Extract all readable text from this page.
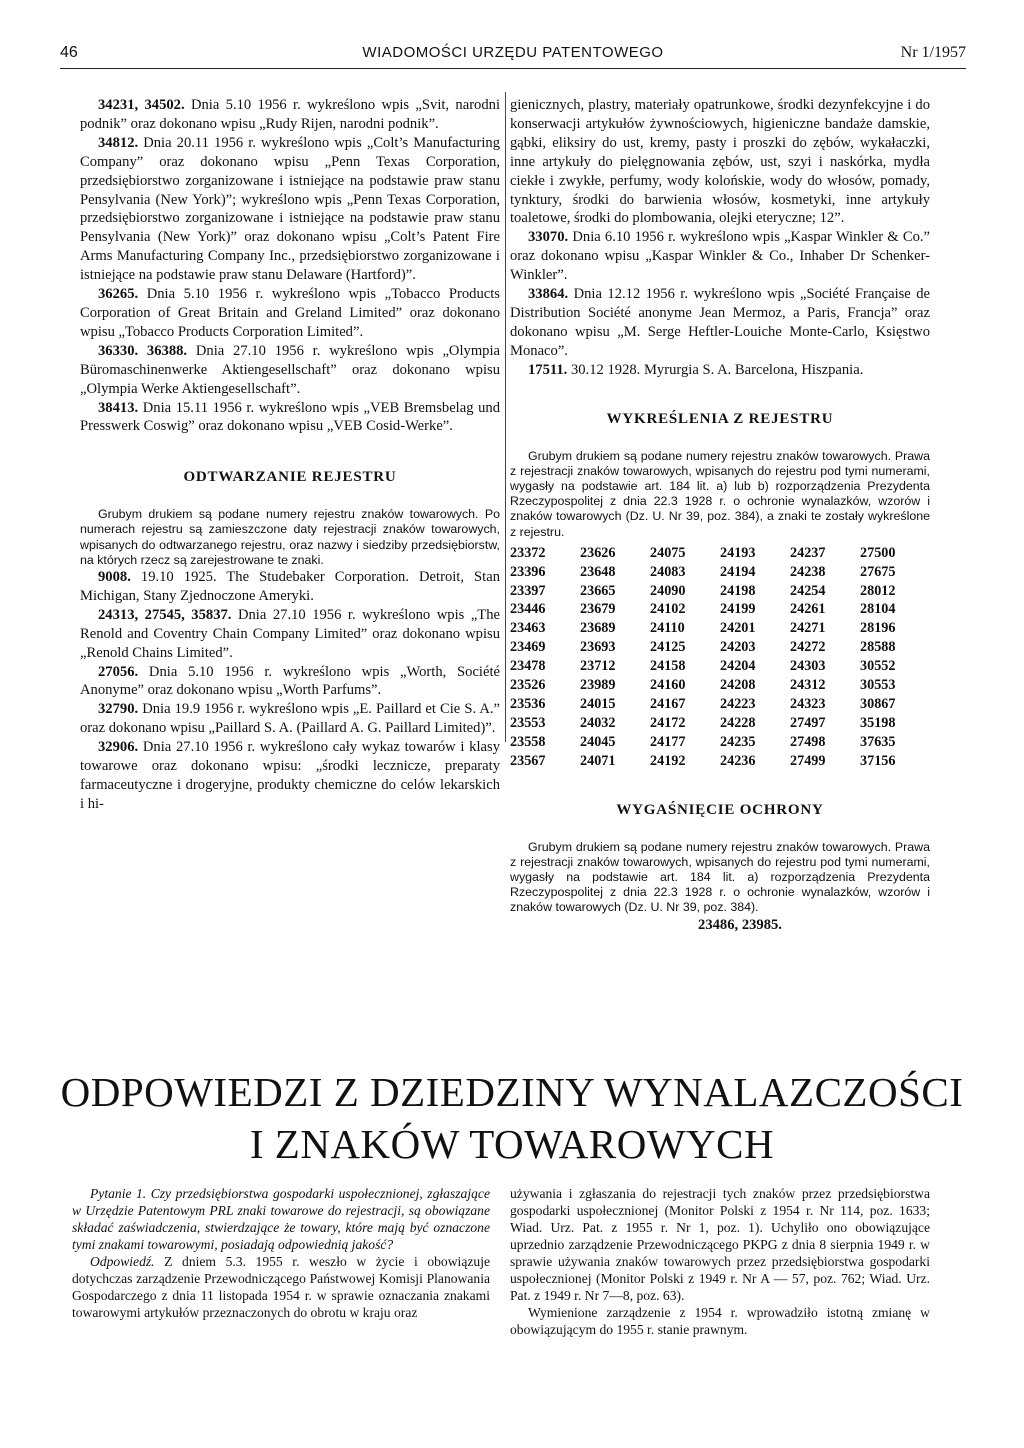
46	WIADOMOŚCI URZĘDU PATENTOWEGO	Nr 1/1957

34231, 34502. Dnia 5.10 1956 r. wykreślono wpis „Svit, narodni podnik” oraz dokonano wpisu „Rudy Rijen, narodni podnik”.

34812. Dnia 20.11 1956 r. wykreślono wpis „Colt’s Manufacturing Company” oraz dokonano wpisu „Penn Texas Corporation, przedsiębiorstwo zorganizowane i istniejące na podstawie praw stanu Pensylvania (New York)”; wykreślono wpis „Penn Texas Corporation, przedsiębiorstwo zorganizowane i istniejące na podstawie praw stanu Pensylvania (New York)” oraz dokonano wpisu „Colt’s Patent Fire Arms Manufacturing Company Inc., przedsiębiorstwo zorganizowane i istniejące na podstawie praw stanu Delaware (Hartford)”.

36265. Dnia 5.10 1956 r. wykreślono wpis „Tobacco Products Corporation of Great Britain and Greland Limited” oraz dokonano wpisu „Tobacco Products Corporation Limited”.

36330. 36388. Dnia 27.10 1956 r. wykreślono wpis „Olympia Büromaschinenwerke Aktiengesellschaft” oraz dokonano wpisu „Olympia Werke Aktiengesellschaft”.

38413. Dnia 15.11 1956 r. wykreślono wpis „VEB Bremsbelag und Presswerk Coswig” oraz dokonano wpisu „VEB Cosid-Werke”.

ODTWARZANIE REJESTRU

Grubym drukiem są podane numery rejestru znaków towarowych. Po numerach rejestru są zamieszczone daty rejestracji znaków towarowych, wpisanych do odtwarzanego rejestru, oraz nazwy i siedziby przedsiębiorstw, na których rzecz są zarejestrowane te znaki.

9008. 19.10 1925. The Studebaker Corporation. Detroit, Stan Michigan, Stany Zjednoczone Ameryki.

24313, 27545, 35837. Dnia 27.10 1956 r. wykreślono wpis „The Renold and Coventry Chain Company Limited” oraz dokonano wpisu „Renold Chains Limited”.

27056. Dnia 5.10 1956 r. wykreślono wpis „Worth, Société Anonyme” oraz dokonano wpisu „Worth Parfums”.

32790. Dnia 19.9 1956 r. wykreślono wpis „E. Paillard et Cie S. A.” oraz dokonano wpisu „Paillard S. A. (Paillard A. G. Paillard Limited)”.

32906. Dnia 27.10 1956 r. wykreślono cały wykaz towarów i klasy towarowe oraz dokonano wpisu: „środki lecznicze, preparaty farmaceutyczne i drogeryjne, produkty chemiczne do celów lekarskich i hi-

gienicznych, plastry, materiały opatrunkowe, środki dezynfekcyjne i do konserwacji artykułów żywnościowych, higieniczne bandaże damskie, gąbki, eliksiry do ust, kremy, pasty i proszki do zębów, wykałaczki, inne artykuły do pielęgnowania zębów, ust, szyi i naskórka, mydła ciekłe i zwykłe, perfumy, wody kolońskie, wody do włosów, pomady, tynktury, środki do barwienia włosów, kosmetyki, inne artykuły toaletowe, środki do plombowania, olejki eteryczne; 12”.

33070. Dnia 6.10 1956 r. wykreślono wpis „Kaspar Winkler & Co.” oraz dokonano wpisu „Kaspar Winkler & Co., Inhaber Dr Schenker-Winkler”.

33864. Dnia 12.12 1956 r. wykreślono wpis „Société Française de Distribution Société anonyme Jean Mermoz, a Paris, Francja” oraz dokonano wpisu „M. Serge Heftler-Louiche Monte-Carlo, Księstwo Monaco”.

17511. 30.12 1928. Myrurgia S. A. Barcelona, Hiszpania.

WYKREŚLENIA Z REJESTRU

Grubym drukiem są podane numery rejestru znaków towarowych. Prawa z rejestracji znaków towarowych, wpisanych do rejestru pod tymi numerami, wygasły na podstawie art. 184 lit. a) lub b) rozporządzenia Prezydenta Rzeczypospolitej z dnia 22.3 1928 r. o ochronie wynalazków, wzorów i znaków towarowych (Dz. U. Nr 39, poz. 384), a znaki te zostały wykreślone z rejestru.

23372	23626	24075	24193	24237	27500
23396	23648	24083	24194	24238	27675
23397	23665	24090	24198	24254	28012
23446	23679	24102	24199	24261	28104
23463	23689	24110	24201	24271	28196
23469	23693	24125	24203	24272	28588
23478	23712	24158	24204	24303	30552
23526	23989	24160	24208	24312	30553
23536	24015	24167	24223	24323	30867
23553	24032	24172	24228	27497	35198
23558	24045	24177	24235	27498	37635
23567	24071	24192	24236	27499	37156
WYGAŚNIĘCIE OCHRONY

Grubym drukiem są podane numery rejestru znaków towarowych. Prawa z rejestracji znaków towarowych, wpisanych do rejestru pod tymi numerami, wygasły na podstawie art. 184 lit. a) rozporządzenia Prezydenta Rzeczypospolitej z dnia 22.3 1928 r. o ochronie wynalazków, wzorów i znaków towarowych (Dz. U. Nr 39, poz. 384).

23486, 23985.
ODPOWIEDZI Z DZIEDZINY WYNALAZCZOŚCI
I ZNAKÓW TOWAROWYCH

Pytanie 1. Czy przedsiębiorstwa gospodarki uspołecznionej, zgłaszające w Urzędzie Patentowym PRL znaki towarowe do rejestracji, są obowiązane składać zaświadczenia, stwierdzające że towary, które mają być oznaczone tymi znakami towarowymi, posiadają odpowiednią jakość?

Odpowiedź. Z dniem 5.3. 1955 r. weszło w życie i obowiązuje dotychczas zarządzenie Przewodniczącego Państwowej Komisji Planowania Gospodarczego z dnia 11 listopada 1954 r. w sprawie oznaczania znakami towarowymi artykułów przeznaczonych do obrotu w kraju oraz

używania i zgłaszania do rejestracji tych znaków przez przedsiębiorstwa gospodarki uspołecznionej (Monitor Polski z 1954 r. Nr 114, poz. 1633; Wiad. Urz. Pat. z 1955 r. Nr 1, poz. 1). Uchyliło ono obowiązujące uprzednio zarządzenie Przewodniczącego PKPG z dnia 8 sierpnia 1949 r. w sprawie używania znaków towarowych przez przedsiębiorstwa gospodarki uspołecznionej (Monitor Polski z 1949 r. Nr A — 57, poz. 762; Wiad. Urz. Pat. z 1949 r. Nr 7—8, poz. 63).

Wymienione zarządzenie z 1954 r. wprowadziło istotną zmianę w obowiązującym do 1955 r. stanie prawnym.
